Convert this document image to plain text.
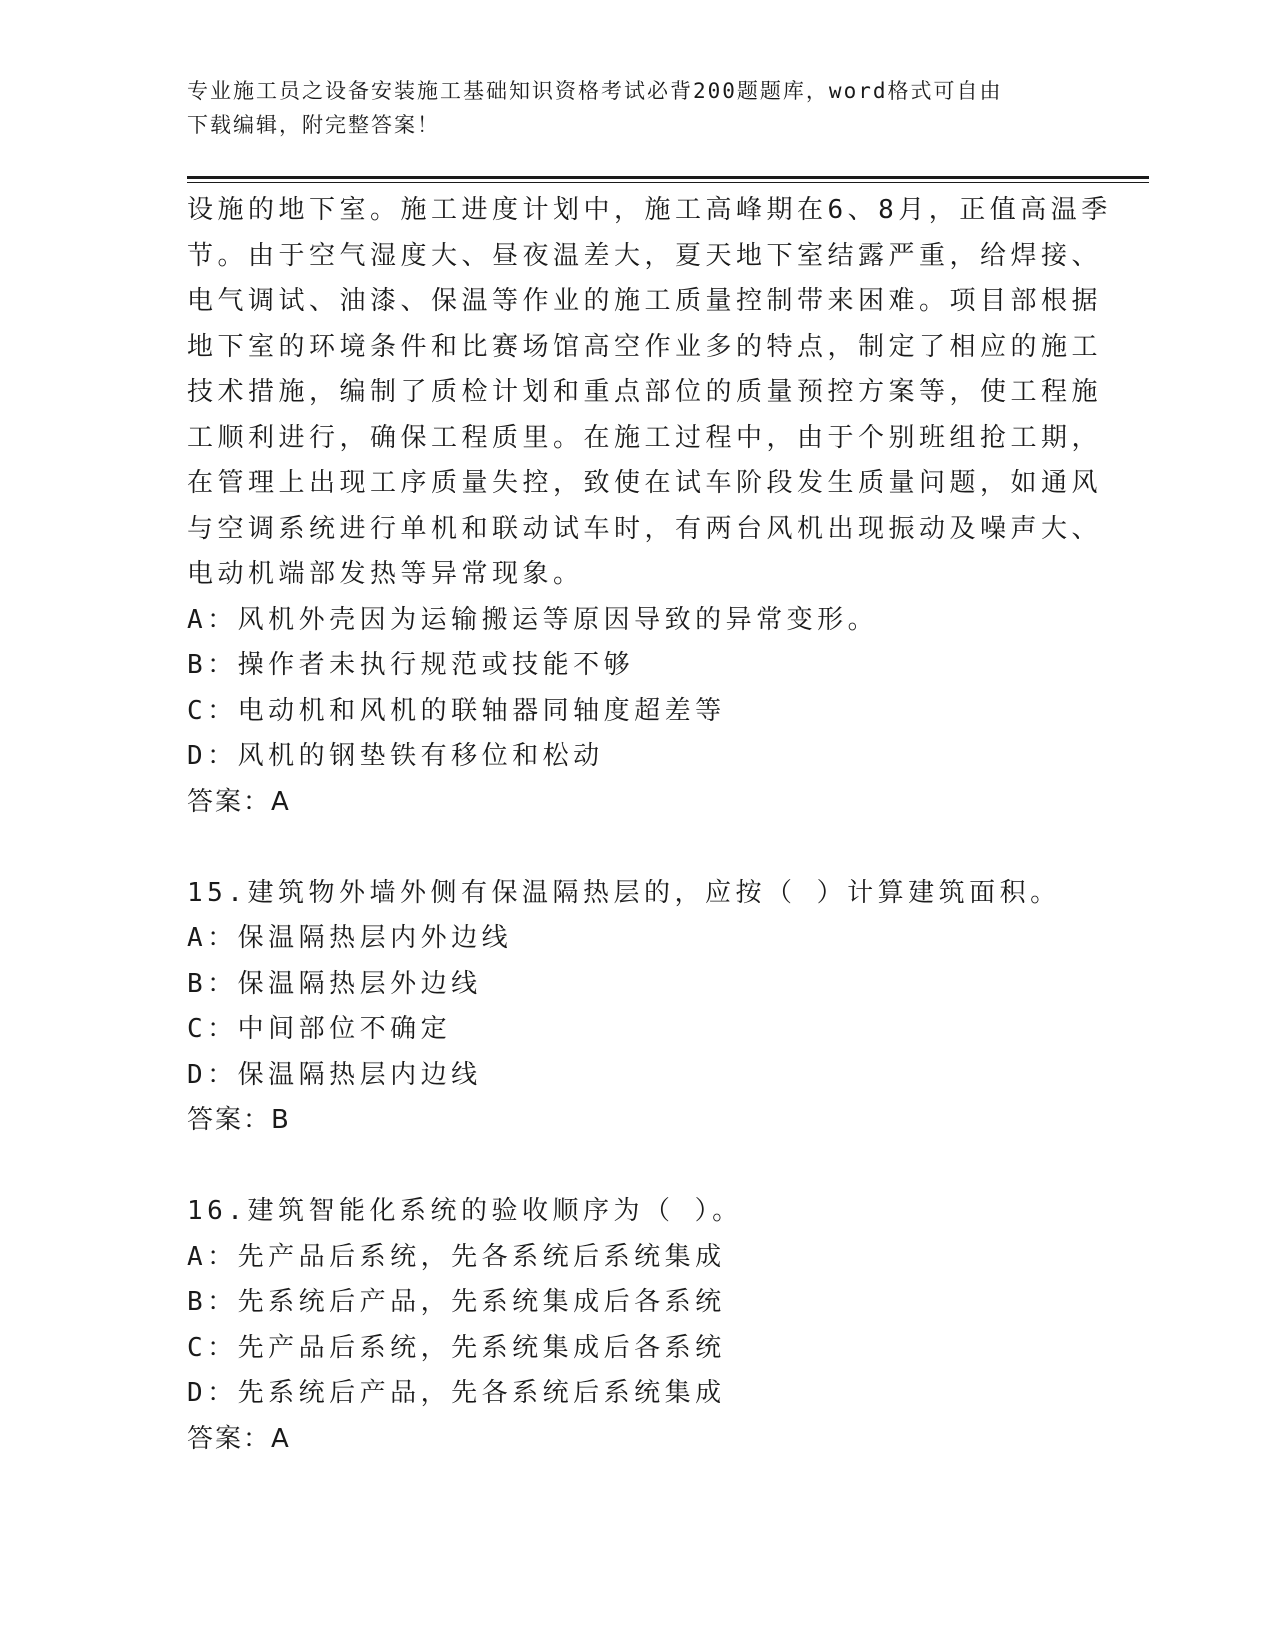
专业施工员之设备安装施工基础知识资格考试必背200题题库，word格式可自由
下载编辑，附完整答案！
设施的地下室。施工进度计划中，施工高峰期在6、8月，正值高温季
节。由于空气湿度大、昼夜温差大，夏天地下室结露严重，给焊接、
电气调试、油漆、保温等作业的施工质量控制带来困难。项目部根据
地下室的环境条件和比赛场馆高空作业多的特点，制定了相应的施工
技术措施，编制了质检计划和重点部位的质量预控方案等，使工程施
工顺利进行，确保工程质里。在施工过程中，由于个别班组抢工期，
在管理上出现工序质量失控，致使在试车阶段发生质量问题，如通风
与空调系统进行单机和联动试车时，有两台风机出现振动及噪声大、
电动机端部发热等异常现象。
A：风机外壳因为运输搬运等原因导致的异常变形。
B：操作者未执行规范或技能不够
C：电动机和风机的联轴器同轴度超差等
D：风机的钢垫铁有移位和松动
答案：A
15.建筑物外墙外侧有保温隔热层的，应按（ ）计算建筑面积。
A：保温隔热层内外边线
B：保温隔热层外边线
C：中间部位不确定
D：保温隔热层内边线
答案：B
16.建筑智能化系统的验收顺序为（ ）。
A：先产品后系统，先各系统后系统集成
B：先系统后产品，先系统集成后各系统
C：先产品后系统，先系统集成后各系统
D：先系统后产品，先各系统后系统集成
答案：A
